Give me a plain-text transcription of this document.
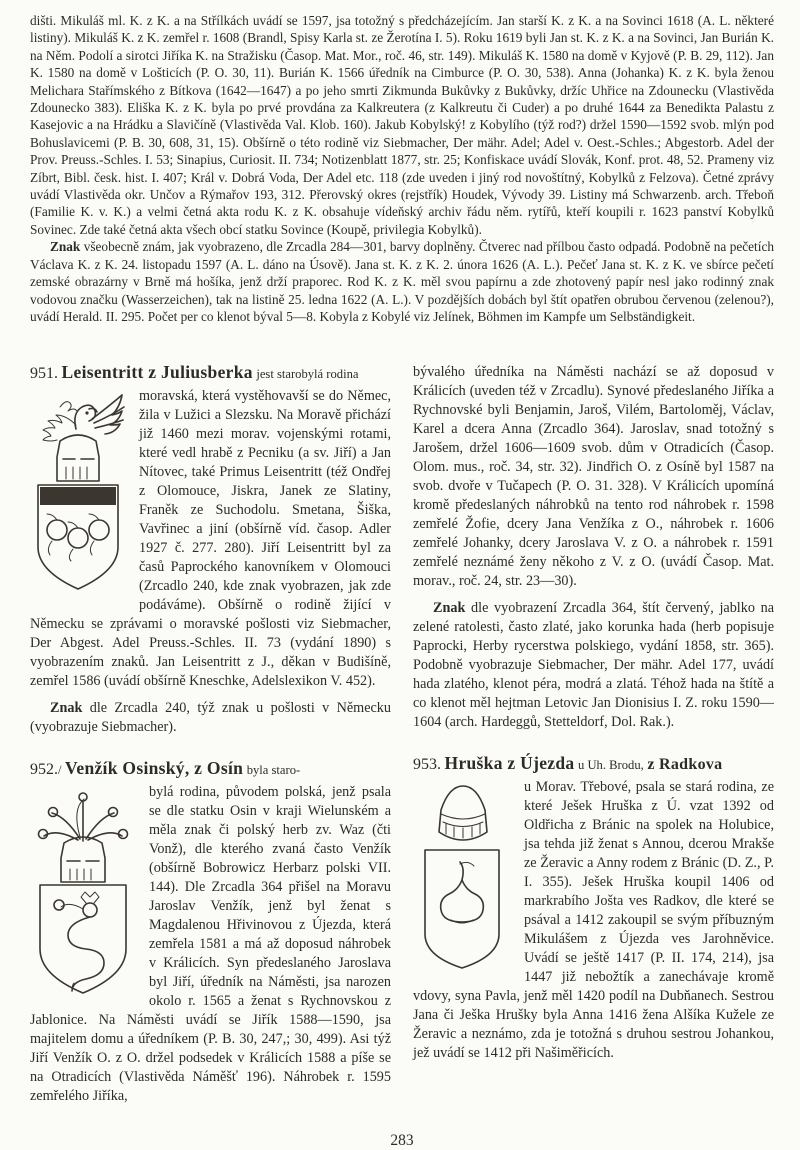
dišti. Mikuláš ml. K. z K. a na Střílkách uvádí se 1597, jsa totožný s předcházejícím. Jan starší K. z K. a na Sovinci 1618 (A. L. některé listiny). Mikuláš K. z K. zemřel r. 1608 (Brandl, Spisy Karla st. ze Žerotína I. 5). Roku 1619 byli Jan st. K. z K. a na Sovinci, Jan Burián K. na Něm. Podolí a sirotci Jiříka K. na Stražisku (Časop. Mat. Mor., roč. 46, str. 149). Mikuláš K. 1580 na domě v Kyjově (P. B. 29, 112). Jan K. 1580 na domě v Lošticích (P. O. 30, 11). Burián K. 1566 úředník na Cimburce (P. O. 30, 538). Anna (Johanka) K. z K. byla ženou Melichara Stařímského z Bítkova (1642—1647) a po jeho smrti Zikmunda Bukůvky z Bukůvky, držíc Uhřice na Zdounecku (Vlastivěda Zdounecko 383). Eliška K. z K. byla po prvé provdána za Kalkreutera (z Kalkreutu či Cuder) a po druhé 1644 za Benedikta Palastu z Kasejovic a na Hrádku a Slavičíně (Vlastivěda Val. Klob. 160). Jakub Kobylský! z Kobylího (týž rod?) držel 1590—1592 svob. mlýn pod Bohuslavicemi (P. B. 30, 608, 31, 15). Obšírně o této rodině viz Siebmacher, Der mähr. Adel; Adel v. Oest.-Schles.; Abgestorb. Adel der Prov. Preuss.-Schles. I. 53; Sinapius, Curiosit. II. 734; Notizenblatt 1877, str. 25; Konfiskace uvádí Slovák, Konf. prot. 48, 52. Prameny viz Zíbrt, Bibl. česk. hist. I. 407; Král v. Dobrá Voda, Der Adel etc. 118 (zde uveden i jiný rod novoštítný, Kobylků z Felzova). Četné zprávy uvádí Vlastivěda okr. Unčov a Rýmařov 193, 312. Přerovský okres (rejstřík) Houdek, Vývody 39. Listiny má Schwarzenb. arch. Třeboň (Familie K. v. K.) a velmi četná akta rodu K. z K. obsahuje vídeňský archiv řádu něm. rytířů, kteří koupili r. 1623 panství Kobylků Sovinec. Zde také četná akta všech obcí statku Sovince (Koupě, privilegia Kobylků).

Znak všeobecně znám, jak vyobrazeno, dle Zrcadla 284—301, barvy doplněny. Čtverec nad přílbou často odpadá. Podobně na pečetích Václava K. z K. 24. listopadu 1597 (A. L. dáno na Úsově). Jana st. K. z K. 2. února 1626 (A. L.). Pečeť Jana st. K. z K. ve sbírce pečetí zemské obrazárny v Brně má hošíka, jenž drží praporec. Rod K. z K. měl svou papírnu a zde zhotovený papír nesl jako rodinný znak vodovou značku (Wasserzeichen), tak na listině 25. ledna 1622 (A. L.). V pozdějších dobách byl štít opatřen obrubou červenou (zelenou?), uvádí Herald. II. 295. Počet per co klenot býval 5—8. Kobyla z Kobylé viz Jelínek, Böhmen im Kampfe um Selbständigkeit.

951. Leisentritt z Juliusberka jest starobylá rodina

moravská, která vystěhovavší se do Němec, žila v Lužici a Slezsku. Na Moravě přichází již 1460 mezi morav. vojenskými rotami, které vedl hrabě z Pecniku (a sv. Jiří) a Jan Nítovec, také Primus Leisentritt (též Ondřej z Olomouce, Jiskra, Janek ze Slatiny, Franěk ze Suchodolu. Smetana, Šiška, Vavřinec a jiní (obšírně víd. časop. Adler 1927 č. 277. 280). Jiří Leisentritt byl za časů Paprockého kanovníkem v Olomouci (Zrcadlo 240, kde znak vyobrazen, jak zde podáváme). Obšírně o rodině žijící v Německu se zprávami o moravské pošlosti viz Siebmacher, Der Abgest. Adel Preuss.-Schles. II. 73 (vydání 1890) s vyobrazením znaků. Jan Leisentritt z J., děkan v Budišíně, zemřel 1586 (uvádí obšírně Kneschke, Adelslexikon V. 452).

Znak dle Zrcadla 240, týž znak u pošlosti v Německu (vyobrazuje Siebmacher).

952./ Venžík Osinský, z Osín byla staro-

bylá rodina, původem polská, jenž psala se dle statku Osin v kraji Wielunském a měla znak či polský herb zv. Waz (čti Vonž), dle kterého zvaná často Venžík (obšírně Bobrowicz Herbarz polski VII. 144). Dle Zrcadla 364 přišel na Moravu Jaroslav Venžík, jenž byl ženat s Magdalenou Hřivinovou z Újezda, která zemřela 1581 a má až doposud náhrobek v Králicích. Syn předeslaného Jaroslava byl Jiří, úředník na Náměsti, jsa narozen okolo r. 1565 a ženat s Rychnovskou z Jablonice. Na Náměsti uvádí se Jiřík 1588—1590, jsa majitelem domu a úředníkem (P. B. 30, 247,; 30, 499). Asi týž Jiří Venžík O. z O. držel podsedek v Králicích 1588 a píše se na Otradicích (Vlastivěda Náměšť 196). Náhrobek r. 1595 zemřelého Jiříka,

bývalého úředníka na Náměsti nachází se až doposud v Králicích (uveden též v Zrcadlu). Synové předeslaného Jiříka a Rychnovské byli Benjamin, Jaroš, Vilém, Bartoloměj, Václav, Karel a dcera Anna (Zrcadlo 364). Jaroslav, snad totožný s Jarošem, držel 1606—1609 svob. dům v Otradicích (Časop. Olom. mus., roč. 34, str. 32). Jindřich O. z Osíně byl 1587 na svob. dvoře v Tučapech (P. O. 31. 328). V Králicích upomíná kromě předeslaných náhrobků na tento rod náhrobek r. 1598 zemřelé Žofie, dcery Jana Venžíka z O., náhrobek r. 1606 zemřelé Johanky, dcery Jaroslava V. z O. a náhrobek r. 1591 zemřelé neznámé ženy někoho z V. z O. (uvádí Časop. Mat. morav., roč. 24, str. 23—30).

Znak dle vyobrazení Zrcadla 364, štít červený, jablko na zelené ratolesti, často zlaté, jako korunka hada (herb popisuje Paprocki, Herby rycerstwa polskiego, vydání 1858, str. 365). Podobně vyobrazuje Siebmacher, Der mähr. Adel 177, uvádí hada zlatého, klenot péra, modrá a zlatá. Téhož hada na štítě a co klenot měl hejtman Letovic Jan Dionisius I. Z. roku 1590—1604 (arch. Hardeggů, Stetteldorf, Dol. Rak.).

953. Hruška z Újezda u Uh. Brodu, z Radkova

u Morav. Třebové, psala se stará rodina, ze které Ješek Hruška z Ú. vzat 1392 od Oldřicha z Bránic na spolek na Holubice, jsa tehda již ženat s Annou, dcerou Mrakše ze Žeravic a Anny rodem z Bránic (D. Z., P. I. 355). Ješek Hruška koupil 1406 od markrabího Jošta ves Radkov, dle které se psával a 1412 zakoupil se svým příbuzným Mikulášem z Újezda ves Jarohněvice. Uvádí se ještě 1417 (P. II. 174, 214), jsa 1447 již nebožtík a zanechávaje kromě vdovy, syna Pavla, jenž měl 1420 podíl na Dubňanech. Sestrou Jana či Ješka Hrušky byla Anna 1416 žena Alšíka Kužele ze Žeravic a neznámo, zda je totožná s druhou sestrou Johankou, jež uvádí se 1412 při Našiměřicích.

283
